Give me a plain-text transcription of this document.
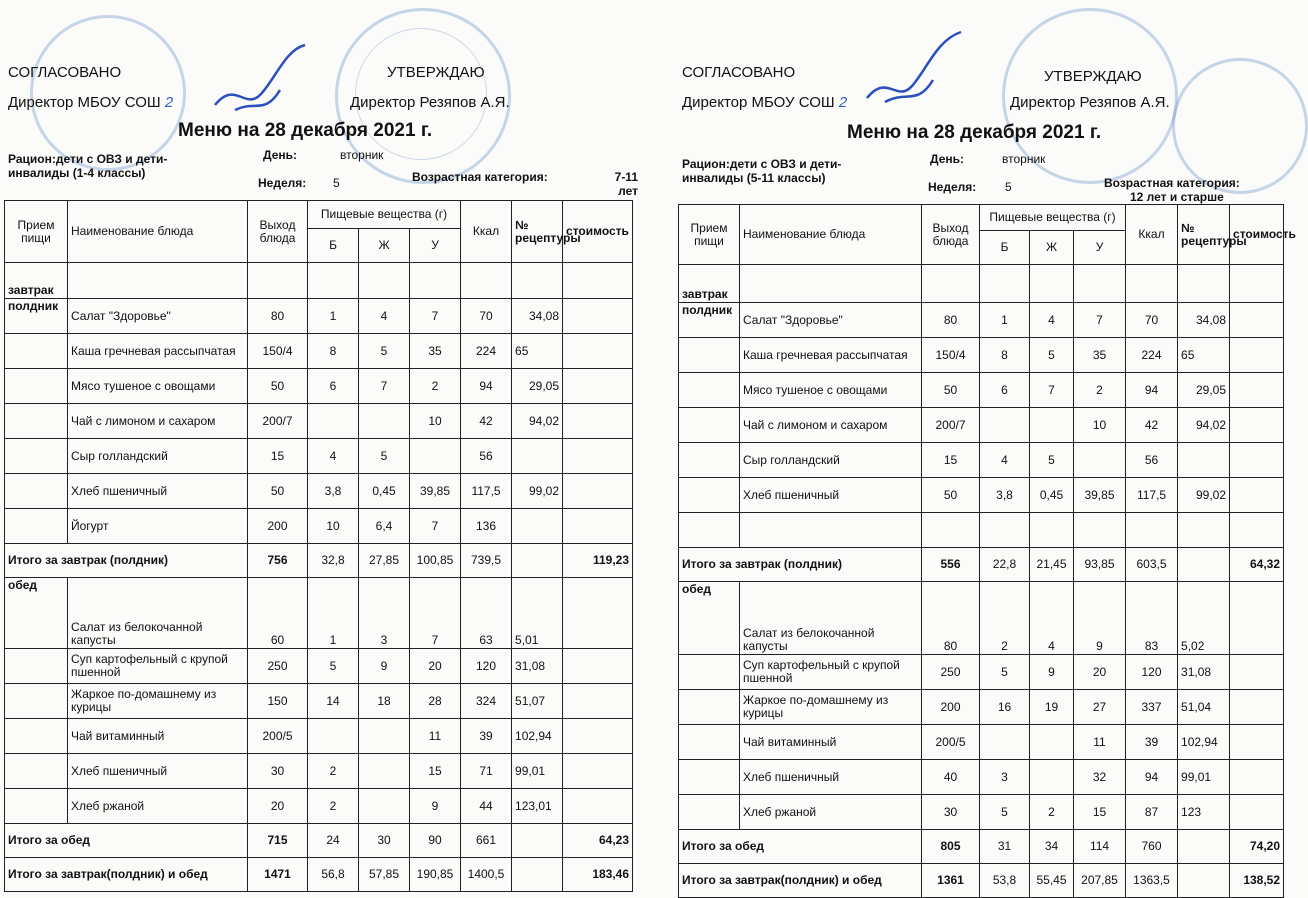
СОГЛАСОВАНО
Директор МБОУ СОШ 2
УТВЕРЖДАЮ
Директор Резяпов А.Я.
Меню на 28 декабря 2021 г.
Рацион:дети с ОВЗ и дети-инвалиды (1-4 классы)
День:	вторник
Неделя: 5	Возрастная категория:	7-11 лет
Прием пищи	Наименование блюда	Выход блюда	Пищевые вещества (г)			Ккал	№ рецептуры	стоимость
			Б	Ж	У			
завтрак								
полдник	Салат "Здоровье"	80	1	4	7	70	34,08	
	Каша гречневая рассыпчатая	150/4	8	5	35	224	65	
	Мясо тушеное с овощами	50	6	7	2	94	29,05	
	Чай с лимоном и сахаром	200/7			10	42	94,02	
	Сыр голландский	15	4	5		56		
	Хлеб пшеничный	50	3,8	0,45	39,85	117,5	99,02	
	Йогурт	200	10	6,4	7	136		
Итого за завтрак (полдник)		756	32,8	27,85	100,85	739,5		119,23
обед	Салат из белокочанной капусты	60	1	3	7	63	5,01	
	Суп картофельный с крупой пшенной	250	5	9	20	120	31,08	
	Жаркое по-домашнему из курицы	150	14	18	28	324	51,07	
	Чай витаминный	200/5			11	39	102,94	
	Хлеб пшеничный	30	2		15	71	99,01	
	Хлеб ржаной	20	2		9	44	123,01	
Итого за обед		715	24	30	90	661		64,23
Итого за завтрак(полдник) и обед		1471	56,8	57,85	190,85	1400,5		183,46
СОГЛАСОВАНО
Директор МБОУ СОШ 2
УТВЕРЖДАЮ
Директор Резяпов А.Я.
Меню на 28 декабря 2021 г.
Рацион:дети с ОВЗ и дети-инвалиды (5-11 классы)
День:	вторник
Неделя: 5	Возрастная категория:
12 лет и старше
Прием пищи	Наименование блюда	Выход блюда	Пищевые вещества (г)			Ккал	№ рецептуры	стоимость
			Б	Ж	У			
завтрак								
полдник	Салат "Здоровье"	80	1	4	7	70	34,08	
	Каша гречневая рассыпчатая	150/4	8	5	35	224	65	
	Мясо тушеное с овощами	50	6	7	2	94	29,05	
	Чай с лимоном и сахаром	200/7			10	42	94,02	
	Сыр голландский	15	4	5		56		
	Хлеб пшеничный	50	3,8	0,45	39,85	117,5	99,02	

Итого за завтрак (полдник)		556	22,8	21,45	93,85	603,5		64,32
обед	Салат из белокочанной капусты	80	2	4	9	83	5,02	
	Суп картофельный с крупой пшенной	250	5	9	20	120	31,08	
	Жаркое по-домашнему из курицы	200	16	19	27	337	51,04	
	Чай витаминный	200/5			11	39	102,94	
	Хлеб пшеничный	40	3		32	94	99,01	
	Хлеб ржаной	30	5	2	15	87	123	
Итого за обед		805	31	34	114	760		74,20
Итого за завтрак(полдник) и обед		1361	53,8	55,45	207,85	1363,5		138,52
